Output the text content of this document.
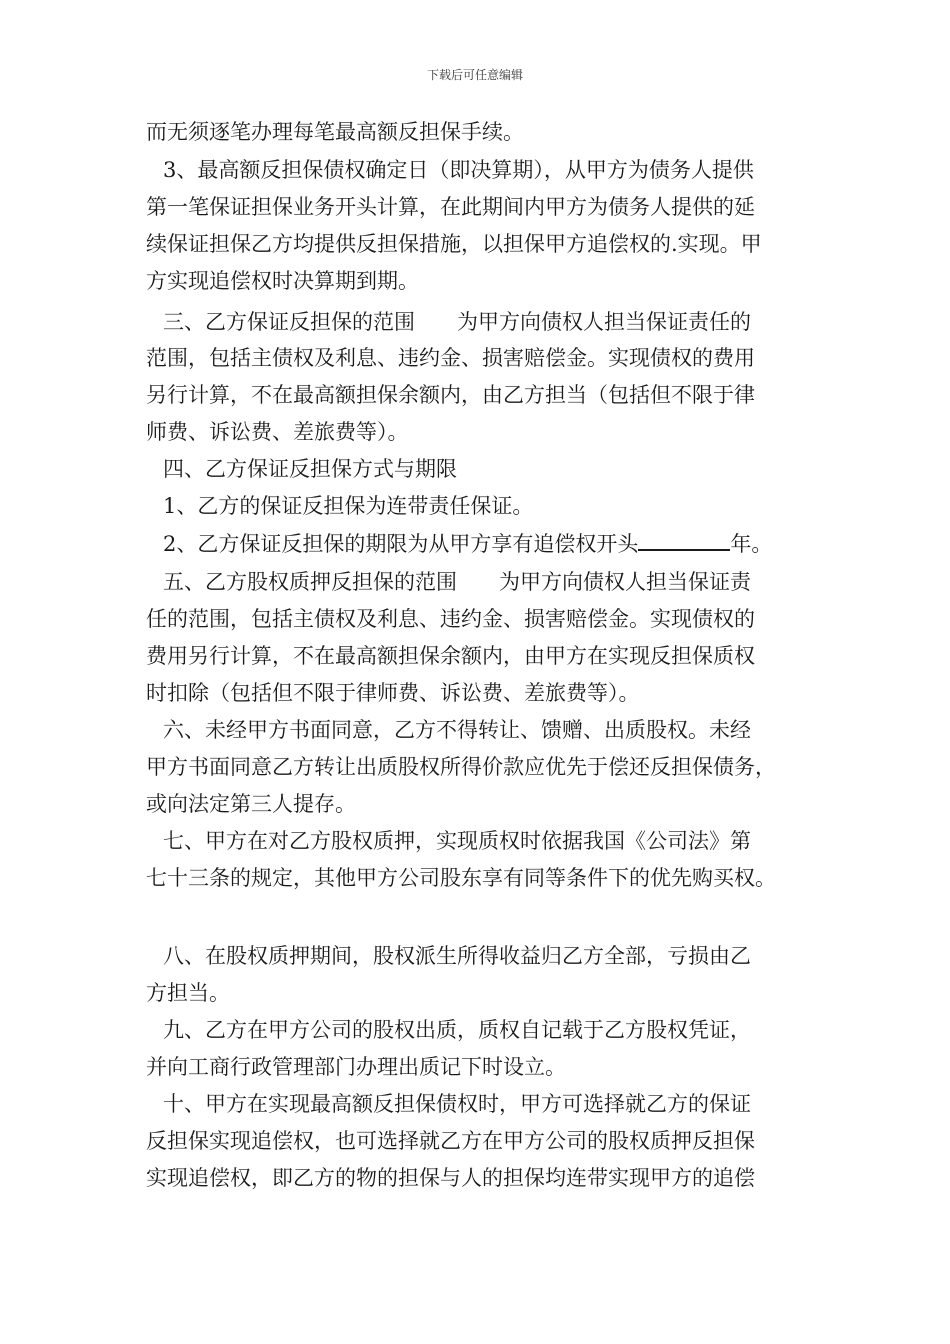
下载后可任意编辑
而无须逐笔办理每笔最高额反担保手续。
3、最高额反担保债权确定日（即决算期），从甲方为债务人提供
第一笔保证担保业务开头计算，在此期间内甲方为债务人提供的延
续保证担保乙方均提供反担保措施，以担保甲方追偿权的.实现。甲
方实现追偿权时决算期到期。
三、乙方保证反担保的范围　　为甲方向债权人担当保证责任的
范围，包括主债权及利息、违约金、损害赔偿金。实现债权的费用
另行计算，不在最高额担保余额内，由乙方担当（包括但不限于律
师费、诉讼费、差旅费等）。
四、乙方保证反担保方式与期限
1、乙方的保证反担保为连带责任保证。
2、乙方保证反担保的期限为从甲方享有追偿权开头	年。
五、乙方股权质押反担保的范围　　为甲方向债权人担当保证责
任的范围，包括主债权及利息、违约金、损害赔偿金。实现债权的
费用另行计算，不在最高额担保余额内，由甲方在实现反担保质权
时扣除（包括但不限于律师费、诉讼费、差旅费等）。
六、未经甲方书面同意，乙方不得转让、馈赠、出质股权。未经
甲方书面同意乙方转让出质股权所得价款应优先于偿还反担保债务，
或向法定第三人提存。
七、甲方在对乙方股权质押，实现质权时依据我国《公司法》第
七十三条的规定，其他甲方公司股东享有同等条件下的优先购买权。
八、在股权质押期间，股权派生所得收益归乙方全部，亏损由乙
方担当。
九、乙方在甲方公司的股权出质，质权自记载于乙方股权凭证，
并向工商行政管理部门办理出质记下时设立。
十、甲方在实现最高额反担保债权时，甲方可选择就乙方的保证
反担保实现追偿权，也可选择就乙方在甲方公司的股权质押反担保
实现追偿权，即乙方的物的担保与人的担保均连带实现甲方的追偿
